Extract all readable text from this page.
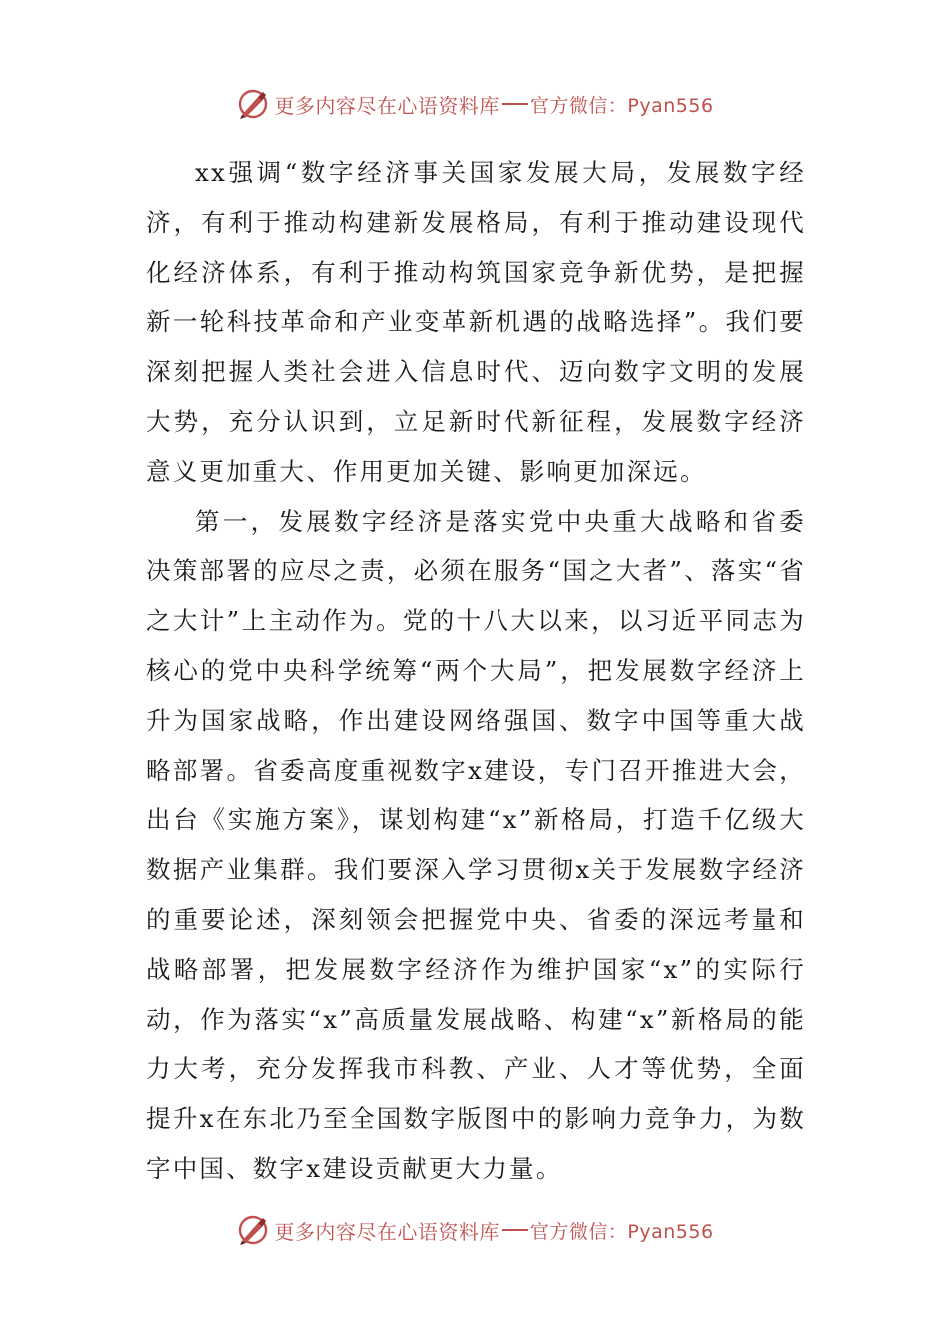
更多内容尽在心语资料库 官方微信：Pyan556

xx强调“数字经济事关国家发展大局，发展数字经济，有利于推动构建新发展格局，有利于推动建设现代化经济体系，有利于推动构筑国家竞争新优势，是把握新一轮科技革命和产业变革新机遇的战略选择”。我们要深刻把握人类社会进入信息时代、迈向数字文明的发展大势，充分认识到，立足新时代新征程，发展数字经济意义更加重大、作用更加关键、影响更加深远。

第一，发展数字经济是落实党中央重大战略和省委决策部署的应尽之责，必须在服务“国之大者”、落实“省之大计”上主动作为。党的十八大以来，以习近平同志为核心的党中央科学统筹“两个大局”，把发展数字经济上升为国家战略，作出建设网络强国、数字中国等重大战略部署。省委高度重视数字x建设，专门召开推进大会，出台《实施方案》，谋划构建“x”新格局，打造千亿级大数据产业集群。我们要深入学习贯彻x关于发展数字经济的重要论述，深刻领会把握党中央、省委的深远考量和战略部署，把发展数字经济作为维护国家“x”的实际行动，作为落实“x”高质量发展战略、构建“x”新格局的能力大考，充分发挥我市科教、产业、人才等优势，全面提升x在东北乃至全国数字版图中的影响力竞争力，为数字中国、数字x建设贡献更大力量。

更多内容尽在心语资料库 官方微信：Pyan556
